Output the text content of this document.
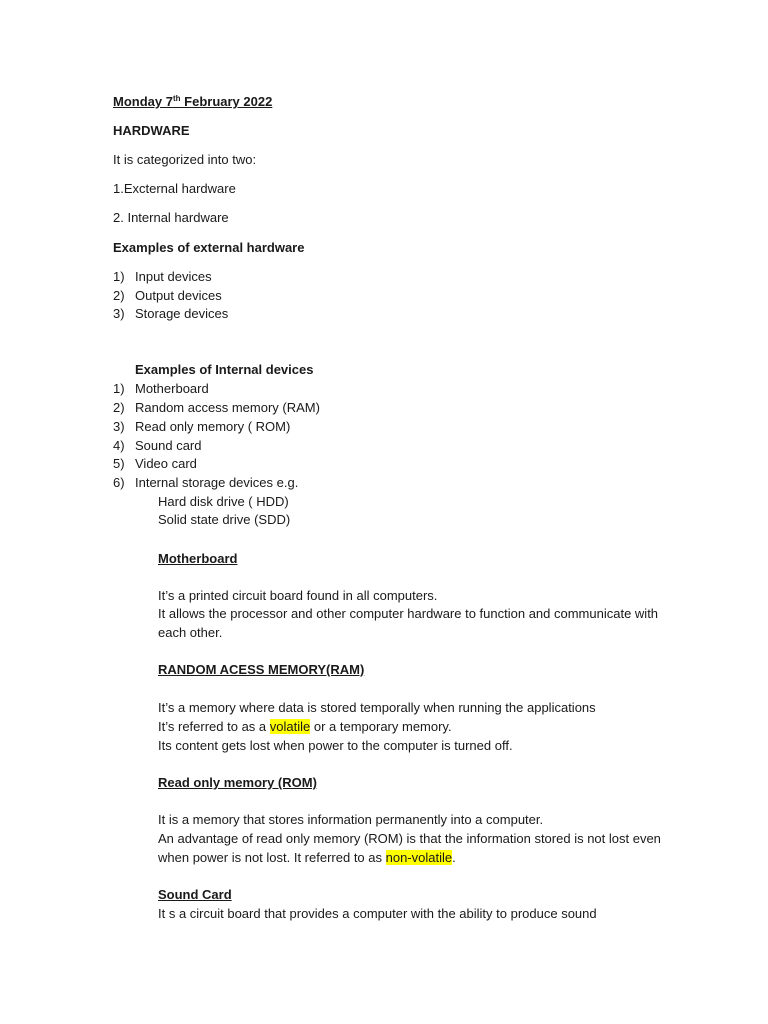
Monday 7th February 2022
HARDWARE
It is categorized into two:
1.Excternal hardware
2. Internal hardware
Examples of external hardware
1) Input devices
2) Output devices
3) Storage devices
Examples of Internal devices
1) Motherboard
2) Random access memory (RAM)
3) Read only memory ( ROM)
4) Sound card
5) Video card
6) Internal storage devices e.g.
Hard disk drive ( HDD)
Solid state drive (SDD)
Motherboard
It’s a printed circuit board found in all computers.
It allows the processor and other computer hardware to function and communicate with
each other.
RANDOM ACESS MEMORY(RAM)
It’s a memory where data is stored temporally when running the applications
It’s referred to as a volatile or a temporary memory.
Its content gets lost when power to the computer is turned off.
Read only memory (ROM)
It is a memory that stores information permanently into a computer.
An advantage of read only memory (ROM) is that the information stored is not lost even
when power is not lost. It referred to as non-volatile.
Sound Card
It s a circuit board that provides a computer with the ability to produce sound
